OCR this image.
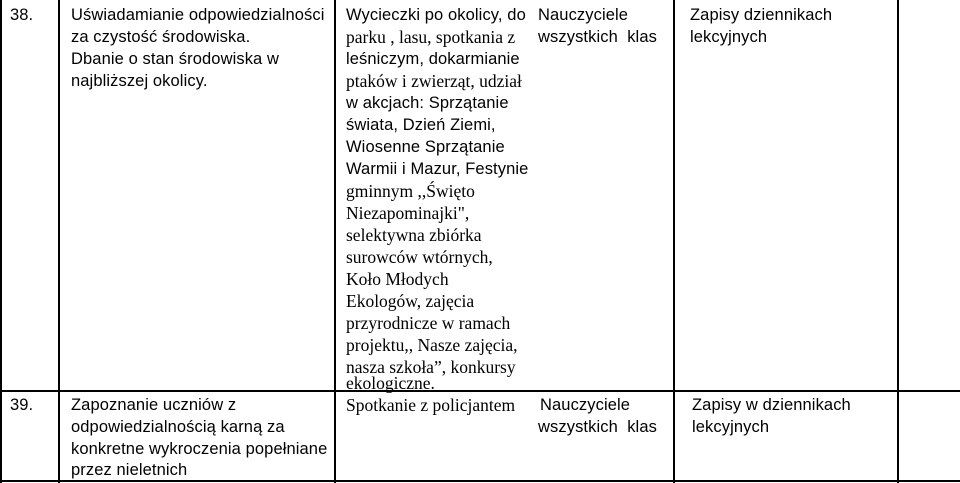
38. Uświadamianie odpowiedzialności
za czystość środowiska.
Dbanie o stan środowiska w
najbliższej okolicy.
Wycieczki po okolicy, do
parku , lasu, spotkania z
leśniczym, dokarmianie
ptaków i zwierząt, udział
w akcjach: Sprzątanie
świata, Dzień Ziemi,
Wiosenne Sprzątanie
Warmii i Mazur, Festynie
gminnym ,,Święto
Niezapominajki",
selektywna zbiórka
surowców wtórnych,
Koło Młodych
Ekologów, zajęcia
przyrodnicze w ramach
projektu,, Nasze zajęcia,
nasza szkoła”, konkursy
ekologiczne.
Nauczyciele
wszystkich  klas
Zapisy dziennikach
lekcyjnych
39. Zapoznanie uczniów z
odpowiedzialnością karną za
konkretne wykroczenia popełniane
przez nieletnich
Spotkanie z policjantem Nauczyciele
wszystkich  klas
Zapisy w dziennikach
lekcyjnych
